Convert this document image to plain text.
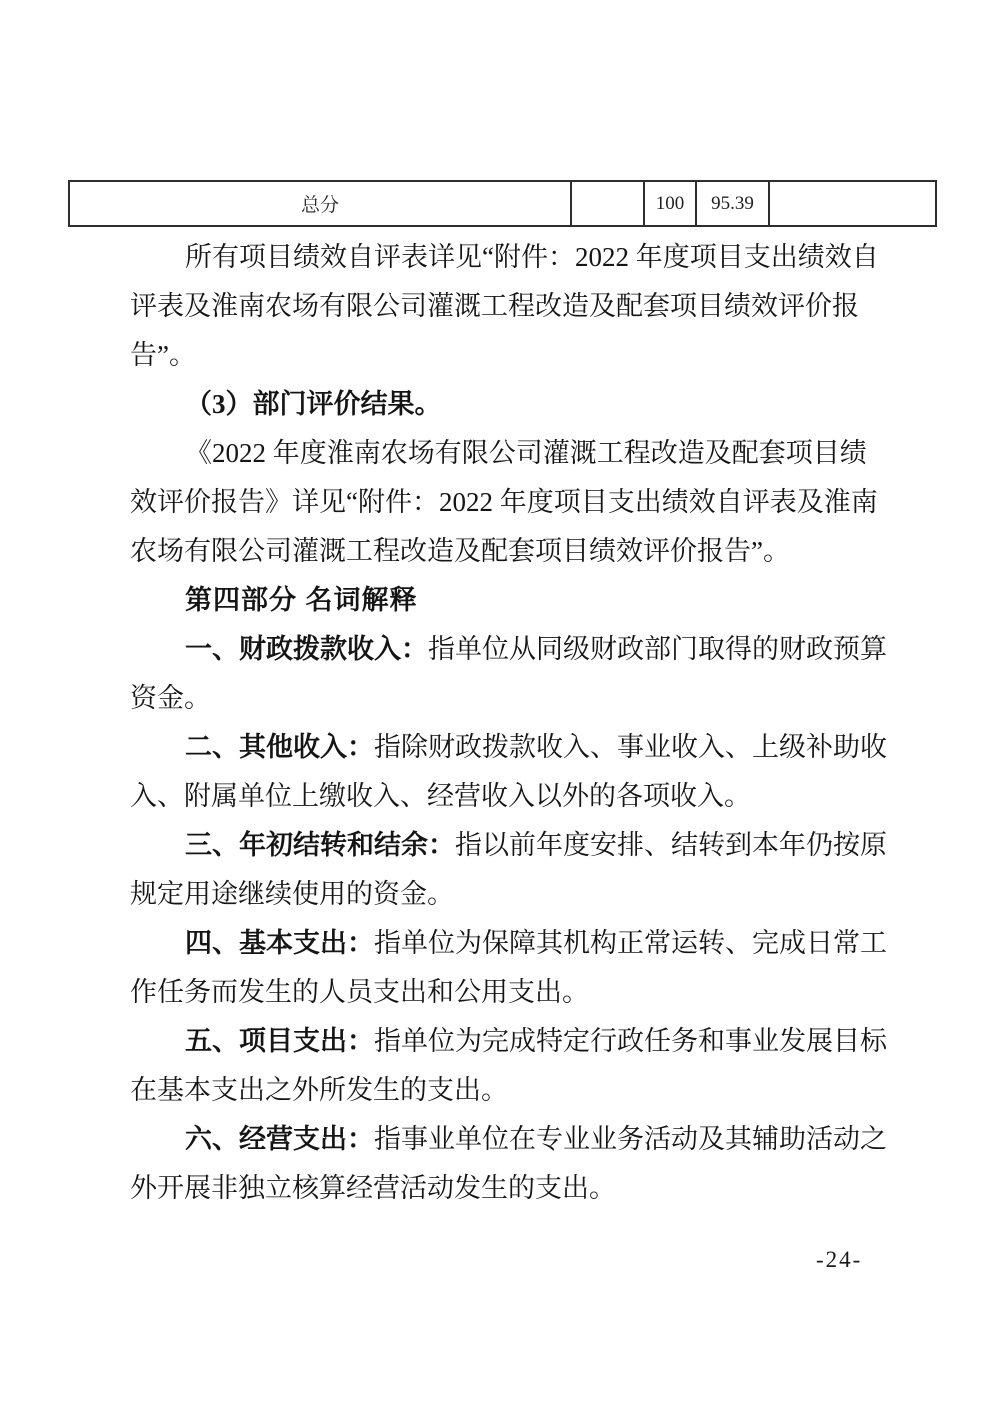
总分		100	95.39	
所有项目绩效自评表详见“附件：2022 年度项目支出绩效自
评表及淮南农场有限公司灌溉工程改造及配套项目绩效评价报
告”。
（3）部门评价结果。
《2022 年度淮南农场有限公司灌溉工程改造及配套项目绩
效评价报告》详见“附件：2022 年度项目支出绩效自评表及淮南
农场有限公司灌溉工程改造及配套项目绩效评价报告”。
第四部分 名词解释
一、财政拨款收入：指单位从同级财政部门取得的财政预算
资金。
二、其他收入：指除财政拨款收入、事业收入、上级补助收
入、附属单位上缴收入、经营收入以外的各项收入。
三、年初结转和结余：指以前年度安排、结转到本年仍按原
规定用途继续使用的资金。
四、基本支出：指单位为保障其机构正常运转、完成日常工
作任务而发生的人员支出和公用支出。
五、项目支出：指单位为完成特定行政任务和事业发展目标
在基本支出之外所发生的支出。
六、经营支出：指事业单位在专业业务活动及其辅助活动之
外开展非独立核算经营活动发生的支出。
-24-
